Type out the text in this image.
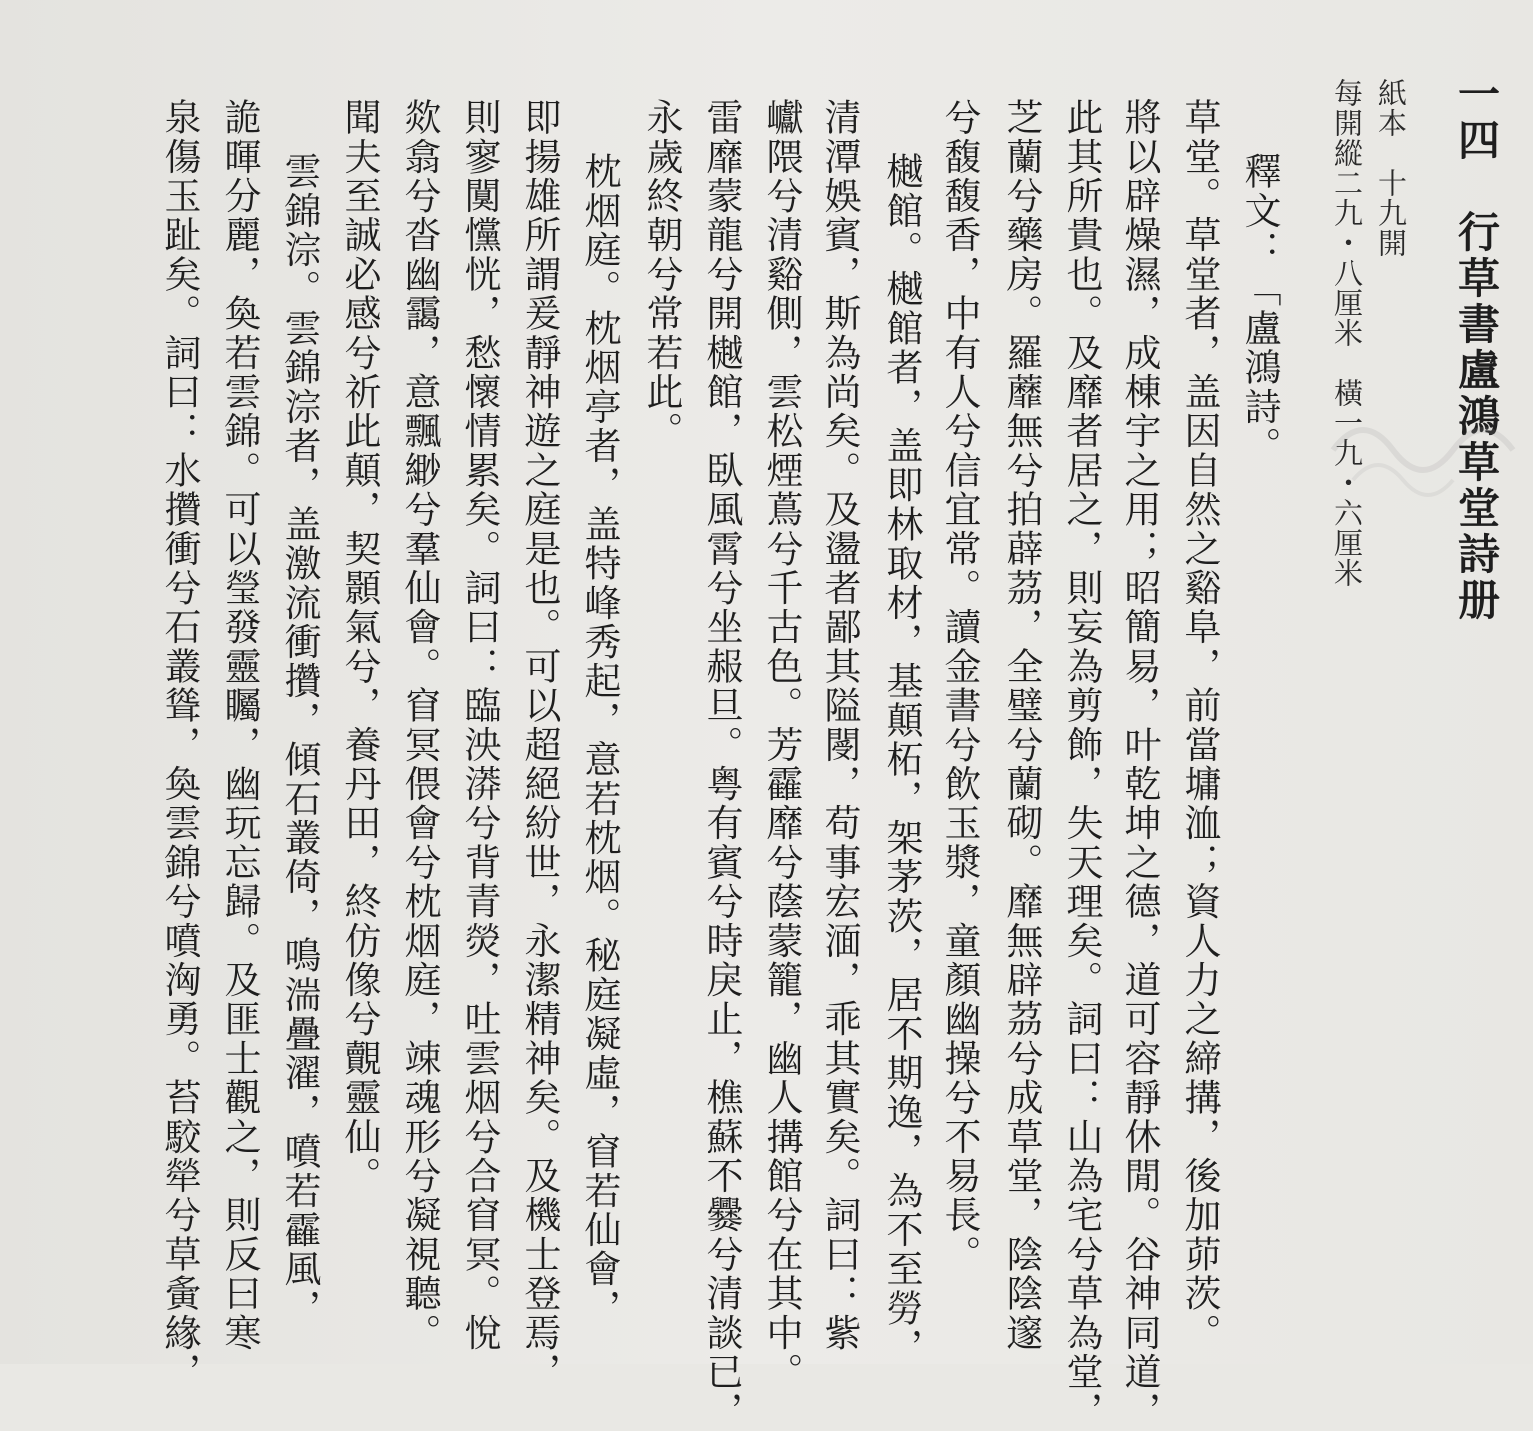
一四　行草書盧鴻草堂詩册
紙本　十九開
每開縱二九・八厘米　橫一九・六厘米
釋文：「盧鴻詩。
草堂。草堂者，盖因自然之谿阜，前當墉洫；資人力之締搆，後加茆茨。
將以辟燥濕，成棟宇之用；昭簡易，叶乾坤之德，道可容靜休閒。谷神同道，
此其所貴也。及靡者居之，則妄為剪飾，失天理矣。詞曰：山為宅兮草為堂，
芝蘭兮藥房。羅蘼無兮拍薜茘，全璧兮蘭砌。靡無辟茘兮成草堂，陰陰邃
兮馥馥香，中有人兮信宜常。讀金書兮飲玉漿，童顏幽操兮不易長。
樾館。樾館者，盖即林取材，基顛柘，架茅茨，居不期逸，為不至勞，
清潭娛賓，斯為尚矣。及盪者鄙其隘閿，苟事宏湎，乖其實矣。詞曰：紫
巘隈兮清谿側，雲松煙蔦兮千古色。芳靃靡兮蔭蒙籠，幽人搆館兮在其中。
雷靡蒙龍兮開樾館，臥風霄兮坐赧旦。粤有賓兮時戾止，樵蘇不爨兮清談已，
永歲終朝兮常若此。
枕烟庭。枕烟亭者，盖特峰秀起，意若枕烟。秘庭凝虛，窅若仙會，
即揚雄所謂爰靜神遊之庭是也。可以超絕紛世，永潔精神矣。及機士登焉，
則寥闃戃恍，愁懷情累矣。詞曰：臨泱漭兮背青熒，吐雲烟兮合窅冥。悅
欻翕兮沓幽靄，意飄緲兮羣仙會。窅冥偎會兮枕烟庭，竦魂形兮凝視聽。
聞夫至誠必感兮祈此顛，契顥氣兮，養丹田，終仿像兮覿靈仙。
雲錦淙。雲錦淙者，盖激流衝攢，傾石叢倚，鳴湍疊濯，噴若靃風，
詭暉分麗，奐若雲錦。可以瑩發靈矚，幽玩忘歸。及匪士觀之，則反曰寒
泉傷玉趾矣。詞曰：水攢衝兮石叢聳，奐雲錦兮噴洶勇。苔駮犖兮草夤緣，
